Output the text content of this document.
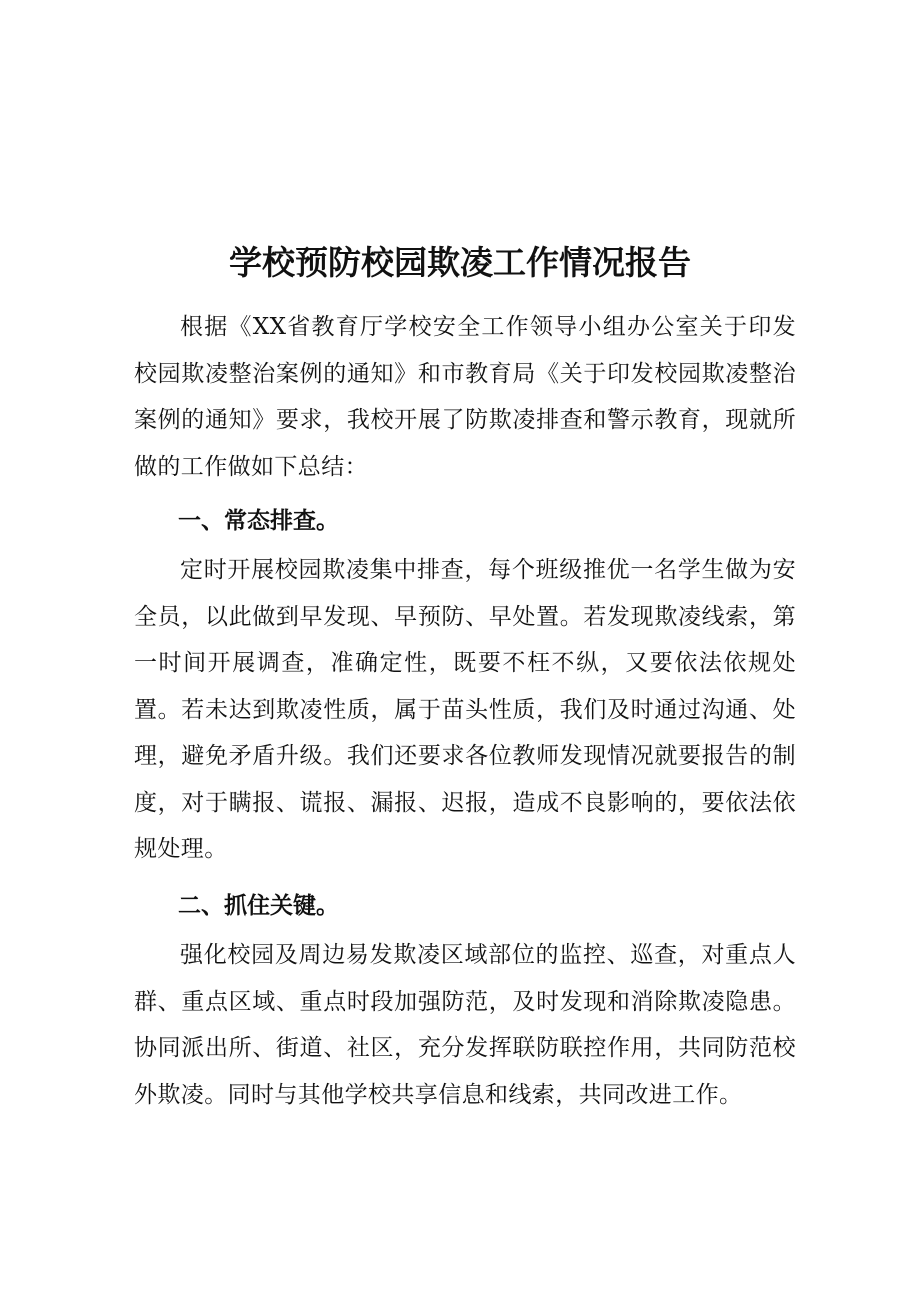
学校预防校园欺凌工作情况报告

根据《XX省教育厅学校安全工作领导小组办公室关于印发校园欺凌整治案例的通知》和市教育局《关于印发校园欺凌整治案例的通知》要求，我校开展了防欺凌排查和警示教育，现就所做的工作做如下总结：

一、常态排查。

定时开展校园欺凌集中排查，每个班级推优一名学生做为安全员，以此做到早发现、早预防、早处置。若发现欺凌线索，第一时间开展调查，准确定性，既要不枉不纵，又要依法依规处置。若未达到欺凌性质，属于苗头性质，我们及时通过沟通、处理，避免矛盾升级。我们还要求各位教师发现情况就要报告的制度，对于瞒报、谎报、漏报、迟报，造成不良影响的，要依法依规处理。

二、抓住关键。

强化校园及周边易发欺凌区域部位的监控、巡查，对重点人群、重点区域、重点时段加强防范，及时发现和消除欺凌隐患。协同派出所、街道、社区，充分发挥联防联控作用，共同防范校外欺凌。同时与其他学校共享信息和线索，共同改进工作。
